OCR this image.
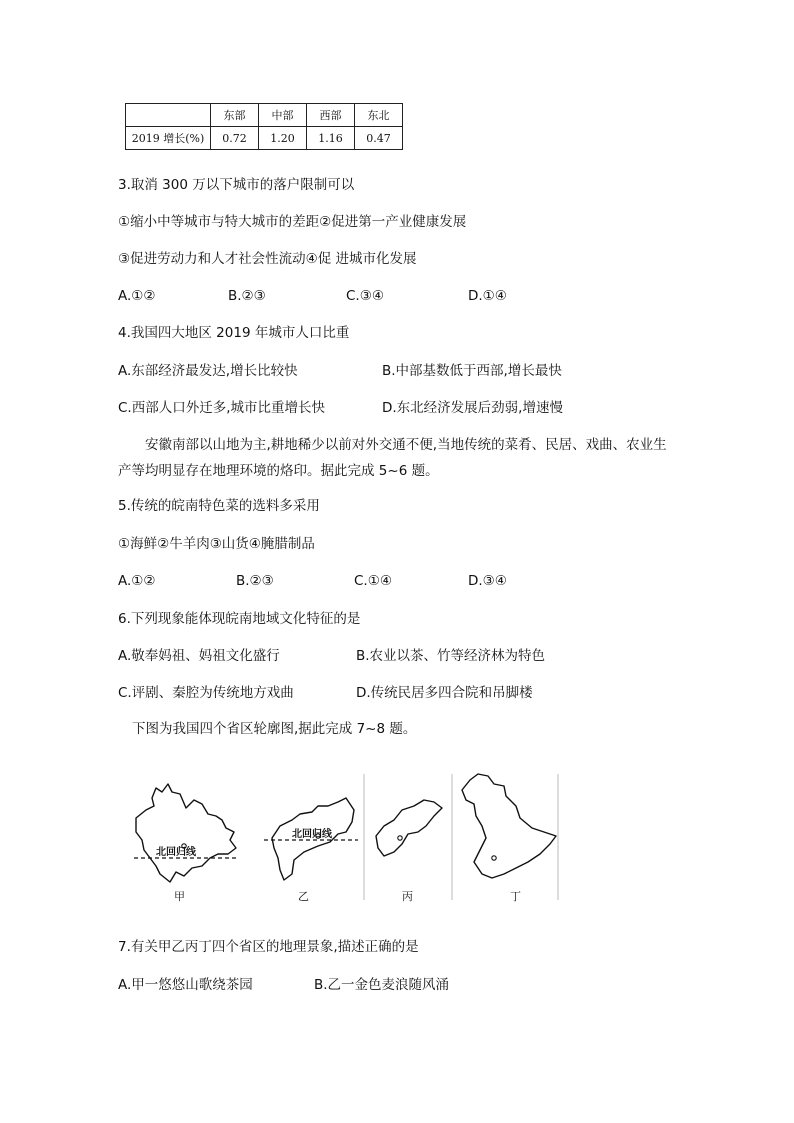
	东部	中部	西部	东北
2019 增长(%)	0.72	1.20	1.16	0.47
3.取消 300 万以下城市的落户限制可以
①缩小中等城市与特大城市的差距②促进第一产业健康发展
③促进劳动力和人才社会性流动④促 进城市化发展
A.①②	B.②③	C.③④	D.①④
4.我国四大地区 2019 年城市人口比重
A.东部经济最发达,增长比较快	B.中部基数低于西部,增长最快
C.西部人口外迁多,城市比重增长快	D.东北经济发展后劲弱,增速慢
安徽南部以山地为主,耕地稀少以前对外交通不便,当地传统的菜肴、民居、戏曲、农业生产等均明显存在地理环境的烙印。据此完成 5~6 题。
5.传统的皖南特色菜的选料多采用
①海鲜②牛羊肉③山货④腌腊制品
A.①②	B.②③	C.①④	D.③④
6.下列现象能体现皖南地域文化特征的是
A.敬奉妈祖、妈祖文化盛行	B.农业以茶、竹等经济林为特色
C.评剧、秦腔为传统地方戏曲	D.传统民居多四合院和吊脚楼
下图为我国四个省区轮廓图,据此完成 7~8 题。
北回归线
北回归线
甲	乙	丙	丁
7.有关甲乙丙丁四个省区的地理景象,描述正确的是
A.甲一悠悠山歌绕茶园	B.乙一金色麦浪随风涌
